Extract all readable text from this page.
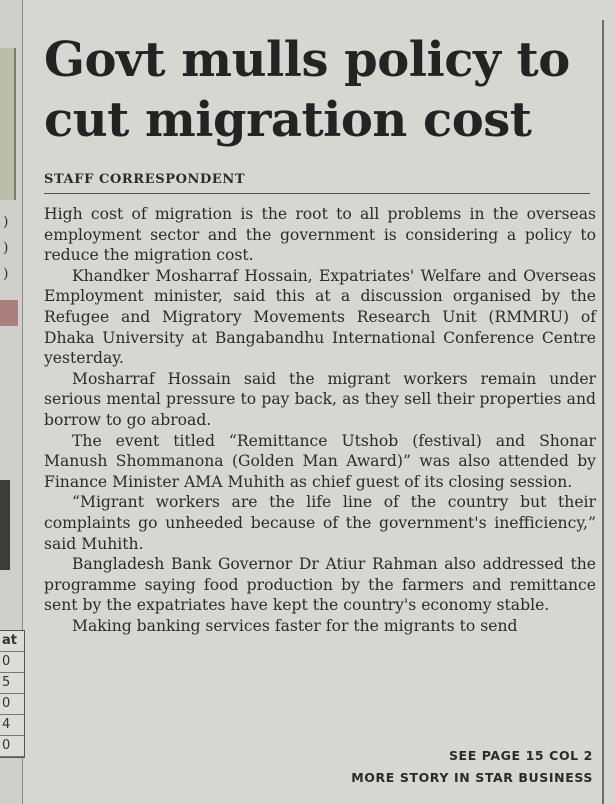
)
)
)
at
0
5
0
4
0
Govt mulls policy to
cut migration cost
STAFF CORRESPONDENT

High cost of migration is the root to all problems in the overseas employment sector and the government is considering a policy to reduce the migration cost.

Khandker Mosharraf Hossain, Expatriates' Welfare and Overseas Employment minister, said this at a discussion organised by the Refugee and Migratory Movements Research Unit (RMMRU) of Dhaka University at Bangabandhu International Conference Centre yesterday.

Mosharraf Hossain said the migrant workers remain under serious mental pressure to pay back, as they sell their properties and borrow to go abroad.

The event titled “Remittance Utshob (festival) and Shonar Manush Shommanona (Golden Man Award)” was also attended by Finance Minister AMA Muhith as chief guest of its closing session.

“Migrant workers are the life line of the country but their complaints go unheeded because of the government's inefficiency,” said Muhith.

Bangladesh Bank Governor Dr Atiur Rahman also addressed the programme saying food production by the farmers and remittance sent by the expatriates have kept the country's economy stable.

Making banking services faster for the migrants to send

SEE PAGE 15 COL 2
MORE STORY IN STAR BUSINESS
